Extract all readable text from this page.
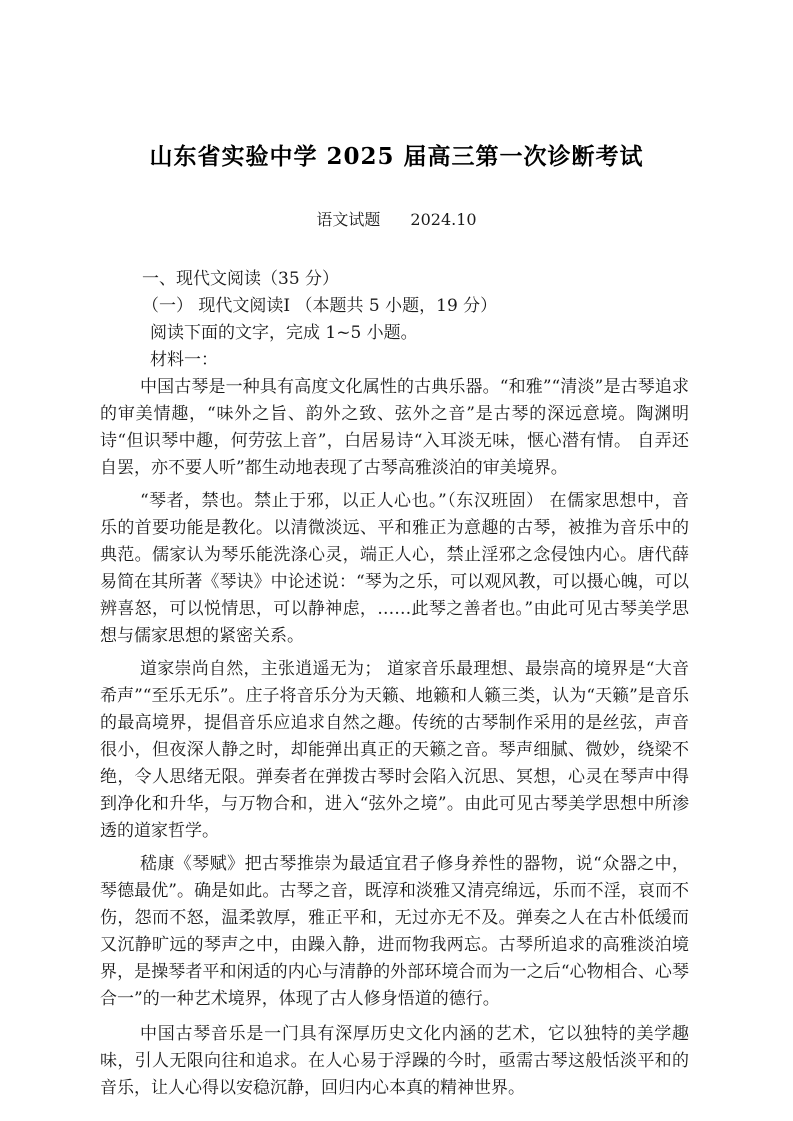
山东省实验中学 2025 届高三第一次诊断考试
语文试题 2024.10

一、现代文阅读（35 分）

（一） 现代文阅读Ⅰ （本题共 5 小题，19 分）

阅读下面的文字，完成 1~5 小题。

材料一：

中国古琴是一种具有高度文化属性的古典乐器。“和雅”“清淡”是古琴追求的审美情趣，“味外之旨、韵外之致、弦外之音”是古琴的深远意境。陶渊明诗“但识琴中趣，何劳弦上音”，白居易诗“入耳淡无味，惬心潜有情。 自弄还自罢，亦不要人听”都生动地表现了古琴高雅淡泊的审美境界。

“琴者，禁也。禁止于邪，以正人心也。”（东汉班固） 在儒家思想中，音乐的首要功能是教化。以清微淡远、平和雅正为意趣的古琴，被推为音乐中的典范。儒家认为琴乐能洗涤心灵，端正人心，禁止淫邪之念侵蚀内心。唐代薛易简在其所著《琴诀》中论述说：“琴为之乐，可以观风教，可以摄心魄，可以辨喜怒，可以悦情思，可以静神虑，……此琴之善者也。”由此可见古琴美学思想与儒家思想的紧密关系。

道家崇尚自然，主张逍遥无为； 道家音乐最理想、最崇高的境界是“大音希声”“至乐无乐”。庄子将音乐分为天籁、地籁和人籁三类，认为“天籁”是音乐的最高境界，提倡音乐应追求自然之趣。传统的古琴制作采用的是丝弦，声音很小，但夜深人静之时，却能弹出真正的天籁之音。琴声细腻、微妙，绕梁不绝，令人思绪无限。弹奏者在弹拨古琴时会陷入沉思、冥想，心灵在琴声中得到净化和升华，与万物合和，进入“弦外之境”。由此可见古琴美学思想中所渗透的道家哲学。

嵇康《琴赋》把古琴推崇为最适宜君子修身养性的器物，说“众器之中，琴德最优”。确是如此。古琴之音，既淳和淡雅又清亮绵远，乐而不淫，哀而不伤，怨而不怒，温柔敦厚，雅正平和，无过亦无不及。弹奏之人在古朴低缓而又沉静旷远的琴声之中，由躁入静，进而物我两忘。古琴所追求的高雅淡泊境界，是操琴者平和闲适的内心与清静的外部环境合而为一之后“心物相合、心琴合一”的一种艺术境界，体现了古人修身悟道的德行。

中国古琴音乐是一门具有深厚历史文化内涵的艺术，它以独特的美学趣味，引人无限向往和追求。在人心易于浮躁的今时，亟需古琴这般恬淡平和的音乐，让人心得以安稳沉静，回归内心本真的精神世界。
